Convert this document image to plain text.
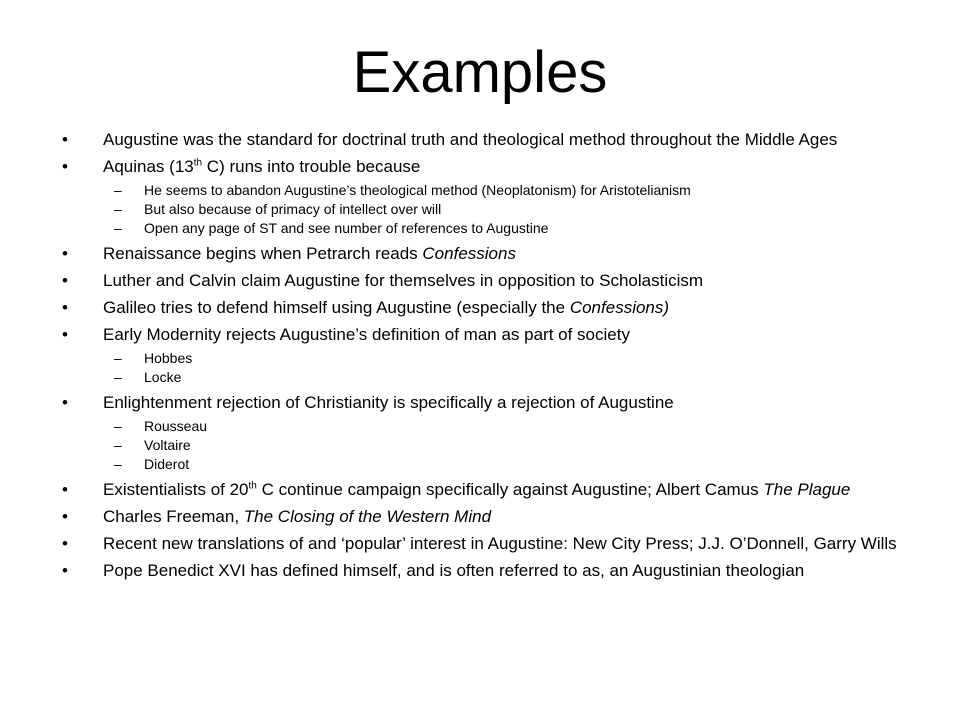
Examples
•	Augustine was the standard for doctrinal truth and theological method throughout the Middle Ages
•	Aquinas (13th C) runs into trouble because
– He seems to abandon Augustine’s theological method (Neoplatonism) for Aristotelianism
– But also because of primacy of intellect over will
– Open any page of ST and see number of references to Augustine
•	Renaissance begins when Petrarch reads Confessions
•	Luther and Calvin claim Augustine for themselves in opposition to Scholasticism
•	Galileo tries to defend himself using Augustine (especially the Confessions)
•	Early Modernity rejects Augustine’s definition of man as part of society
– Hobbes
– Locke
•	Enlightenment rejection of Christianity is specifically a rejection of Augustine
– Rousseau
– Voltaire
– Diderot
•	Existentialists of 20th C continue campaign specifically against Augustine; Albert Camus The Plague
•	Charles Freeman, The Closing of the Western Mind
•	Recent new translations of and ‘popular’ interest in Augustine: New City Press; J.J. O’Donnell, Garry Wills
•	Pope Benedict XVI has defined himself, and is often referred to as, an Augustinian theologian
